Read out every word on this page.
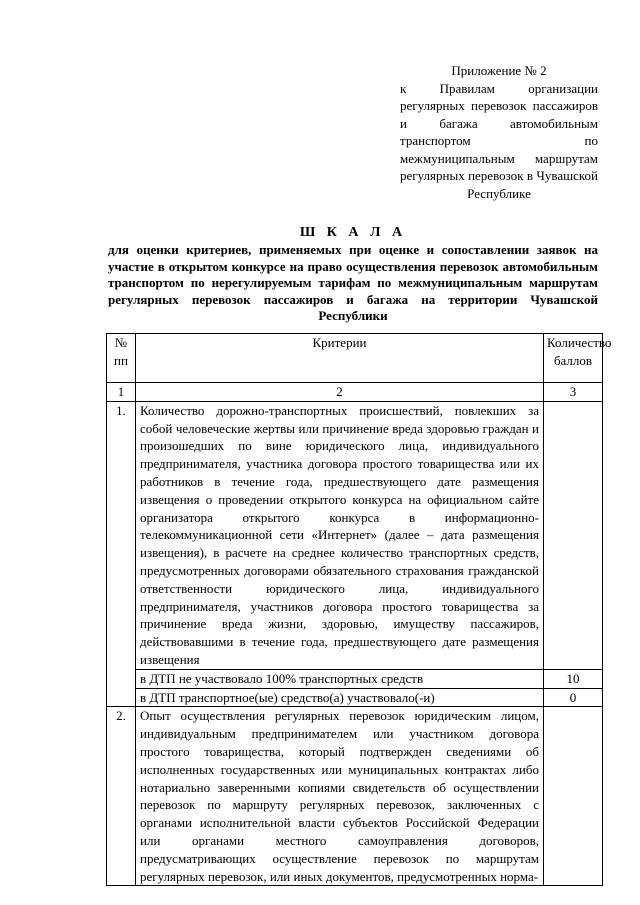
Приложение № 2
к Правилам организации регулярных перевозок пассажиров и багажа автомобильным транспортом по межмуниципальным маршрутам регулярных перевозок в Чувашской Республике
Ш К А Л А
для оценки критериев, применяемых при оценке и сопоставлении заявок на участие в открытом конкурсе на право осуществления перевозок автомобильным транспортом по нерегулируемым тарифам по межмуниципальным маршрутам регулярных перевозок пассажиров и багажа на территории Чувашской Республики
№ пп	Критерии	Количество баллов
1	2	3
1.	Количество дорожно-транспортных происшествий, повлекших за собой человеческие жертвы или причинение вреда здоровью граждан и произошедших по вине юридического лица, индивидуального предпринимателя, участника договора простого товарищества или их работников в течение года, предшествующего дате размещения извещения о проведении открытого конкурса на официальном сайте организатора открытого конкурса в информационно-телекоммуникационной сети «Интернет» (далее – дата размещения извещения), в расчете на среднее количество транспортных средств, предусмотренных договорами обязательного страхования гражданской ответственности юридического лица, индивидуального предпринимателя, участников договора простого товарищества за причинение вреда жизни, здоровью, имуществу пассажиров, действовавшими в течение года, предшествующего дате размещения извещения	
	в ДТП не участвовало 100% транспортных средств	10
	в ДТП транспортное(ые) средство(а) участвовало(-и)	0
2.	Опыт осуществления регулярных перевозок юридическим лицом, индивидуальным предпринимателем или участником договора простого товарищества, который подтвержден сведениями об исполненных государственных или муниципальных контрактах либо нотариально заверенными копиями свидетельств об осуществлении перевозок по маршруту регулярных перевозок, заключенных с органами исполнительной власти субъектов Российской Федерации или органами местного самоуправления договоров, предусматривающих осуществление перевозок по маршрутам регулярных перевозок, или иных документов, предусмотренных норма-	
